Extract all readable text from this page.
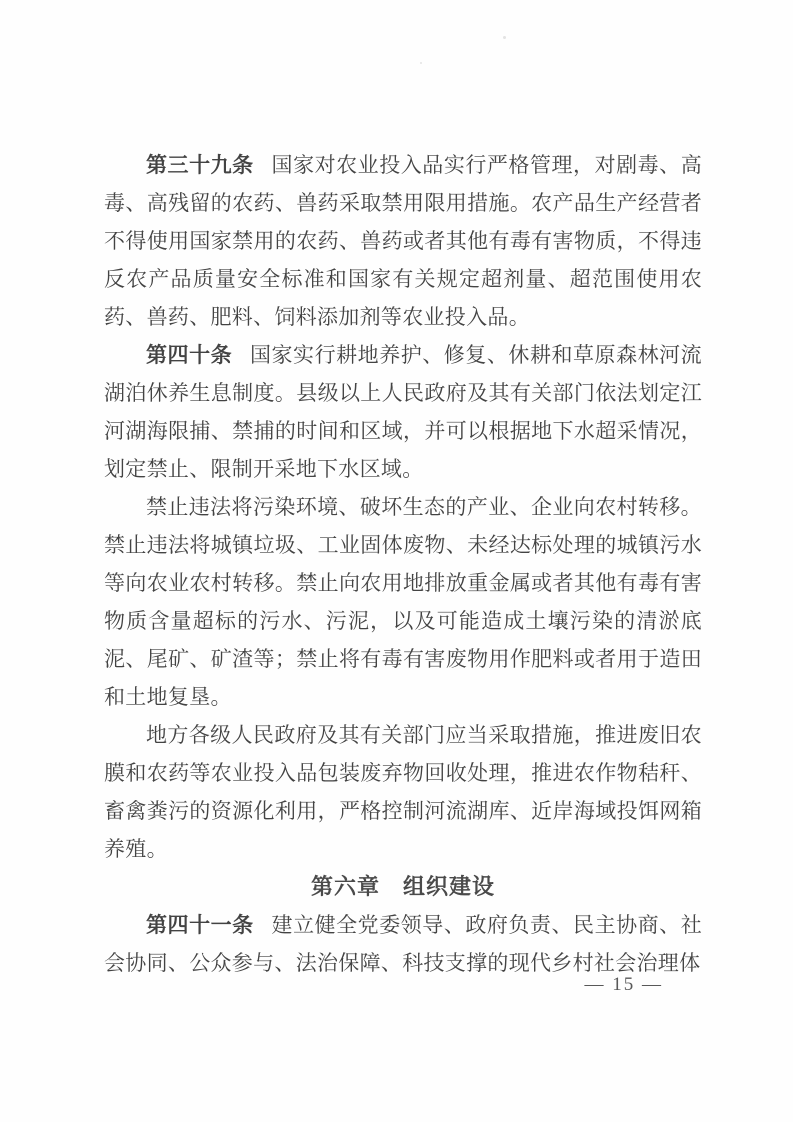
第三十九条 国家对农业投入品实行严格管理，对剧毒、高毒、高残留的农药、兽药采取禁用限用措施。农产品生产经营者不得使用国家禁用的农药、兽药或者其他有毒有害物质，不得违反农产品质量安全标准和国家有关规定超剂量、超范围使用农药、兽药、肥料、饲料添加剂等农业投入品。

第四十条 国家实行耕地养护、修复、休耕和草原森林河流湖泊休养生息制度。县级以上人民政府及其有关部门依法划定江河湖海限捕、禁捕的时间和区域，并可以根据地下水超采情况，划定禁止、限制开采地下水区域。

禁止违法将污染环境、破坏生态的产业、企业向农村转移。禁止违法将城镇垃圾、工业固体废物、未经达标处理的城镇污水等向农业农村转移。禁止向农用地排放重金属或者其他有毒有害物质含量超标的污水、污泥，以及可能造成土壤污染的清淤底泥、尾矿、矿渣等；禁止将有毒有害废物用作肥料或者用于造田和土地复垦。

地方各级人民政府及其有关部门应当采取措施，推进废旧农膜和农药等农业投入品包装废弃物回收处理，推进农作物秸秆、畜禽粪污的资源化利用，严格控制河流湖库、近岸海域投饵网箱养殖。

第六章　组织建设

第四十一条 建立健全党委领导、政府负责、民主协商、社会协同、公众参与、法治保障、科技支撑的现代乡村社会治理体

— 15 —
